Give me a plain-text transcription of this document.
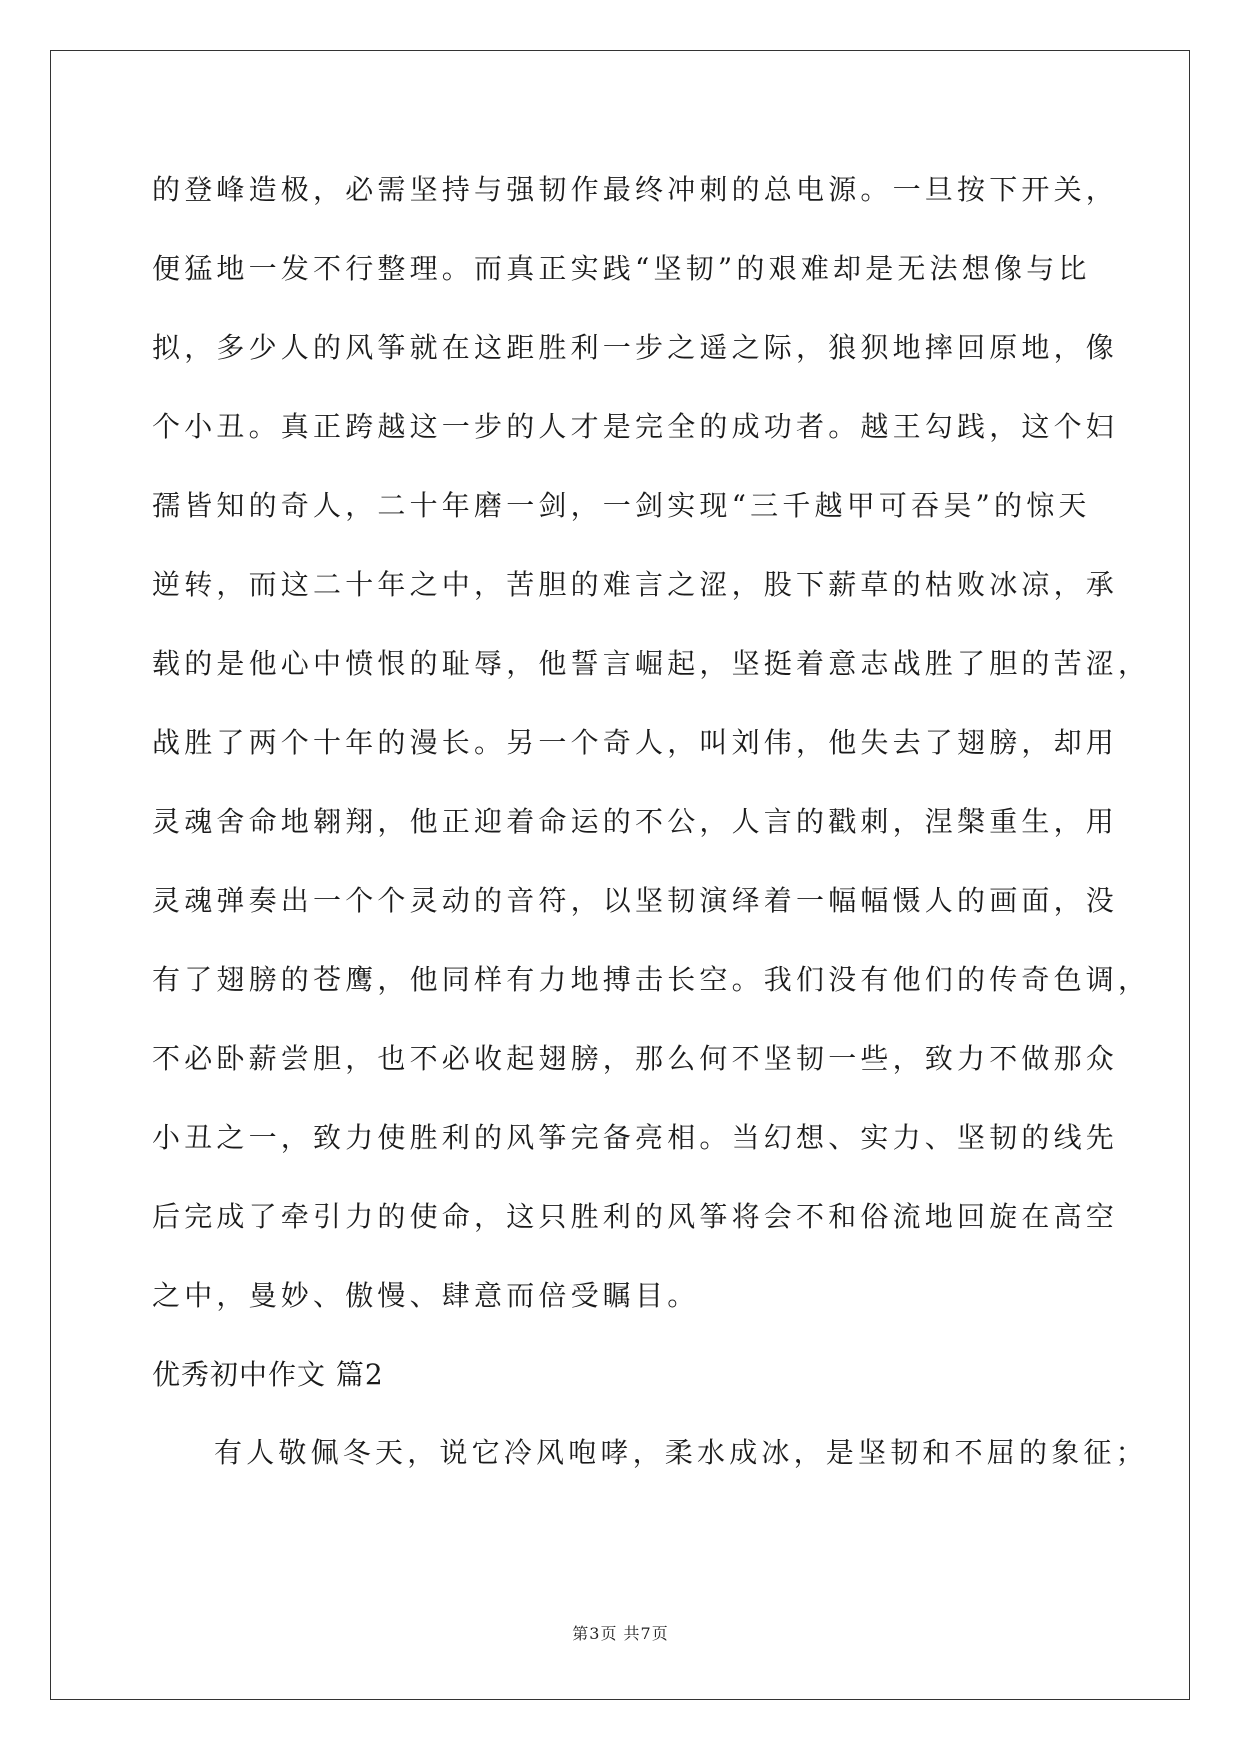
的登峰造极，必需坚持与强韧作最终冲刺的总电源。一旦按下开关，
便猛地一发不行整理。而真正实践“坚韧”的艰难却是无法想像与比
拟，多少人的风筝就在这距胜利一步之遥之际，狼狈地摔回原地，像
个小丑。真正跨越这一步的人才是完全的成功者。越王勾践，这个妇
孺皆知的奇人，二十年磨一剑，一剑实现“三千越甲可吞吴”的惊天
逆转，而这二十年之中，苦胆的难言之涩，股下薪草的枯败冰凉，承
载的是他心中愤恨的耻辱，他誓言崛起，坚挺着意志战胜了胆的苦涩，
战胜了两个十年的漫长。另一个奇人，叫刘伟，他失去了翅膀，却用
灵魂舍命地翱翔，他正迎着命运的不公，人言的戳刺，涅槃重生，用
灵魂弹奏出一个个灵动的音符，以坚韧演绎着一幅幅慑人的画面，没
有了翅膀的苍鹰，他同样有力地搏击长空。我们没有他们的传奇色调，
不必卧薪尝胆，也不必收起翅膀，那么何不坚韧一些，致力不做那众
小丑之一，致力使胜利的风筝完备亮相。当幻想、实力、坚韧的线先
后完成了牵引力的使命，这只胜利的风筝将会不和俗流地回旋在高空
之中，曼妙、傲慢、肆意而倍受瞩目。
优秀初中作文 篇2
有人敬佩冬天，说它冷风咆哮，柔水成冰，是坚韧和不屈的象征；
第3页 共7页
